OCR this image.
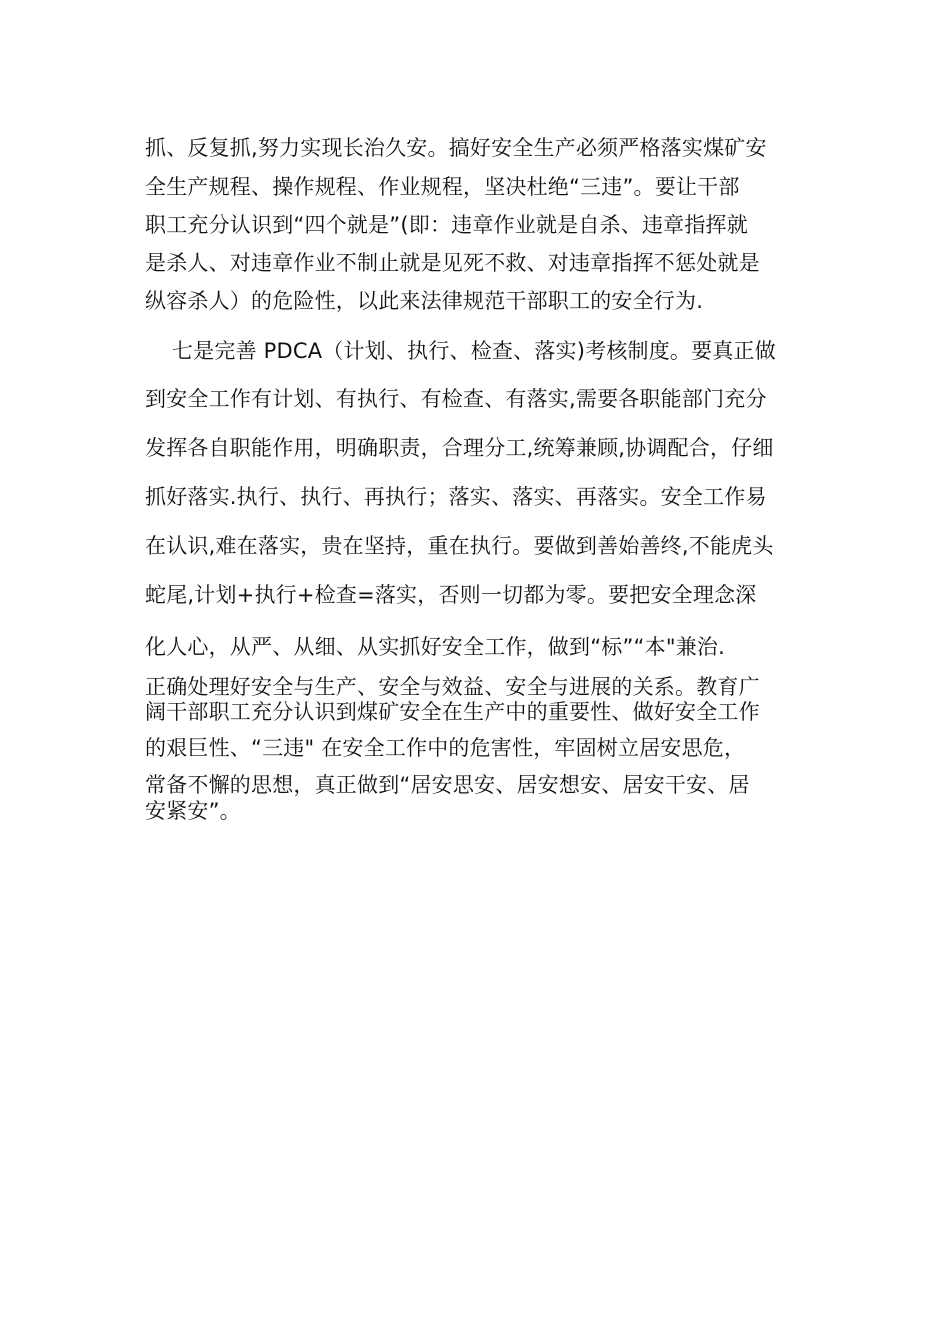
抓、反复抓,努力实现长治久安。搞好安全生产必须严格落实煤矿安
全生产规程、操作规程、作业规程，坚决杜绝“三违”。要让干部
职工充分认识到“四个就是”(即：违章作业就是自杀、违章指挥就
是杀人、对违章作业不制止就是见死不救、对违章指挥不惩处就是
纵容杀人）的危险性，以此来法律规范干部职工的安全行为.
七是完善 PDCA（计划、执行、检查、落实)考核制度。要真正做
到安全工作有计划、有执行、有检查、有落实,需要各职能部门充分
发挥各自职能作用，明确职责，合理分工,统筹兼顾,协调配合，仔细
抓好落实.执行、执行、再执行；落实、落实、再落实。安全工作易
在认识,难在落实，贵在坚持，重在执行。要做到善始善终,不能虎头
蛇尾,计划+执行+检查=落实，否则一切都为零。要把安全理念深
化人心，从严、从细、从实抓好安全工作，做到“标”“本"兼治.
正确处理好安全与生产、安全与效益、安全与进展的关系。教育广
阔干部职工充分认识到煤矿安全在生产中的重要性、做好安全工作
的艰巨性、“三违" 在安全工作中的危害性，牢固树立居安思危，
常备不懈的思想，真正做到“居安思安、居安想安、居安干安、居
安紧安”。
